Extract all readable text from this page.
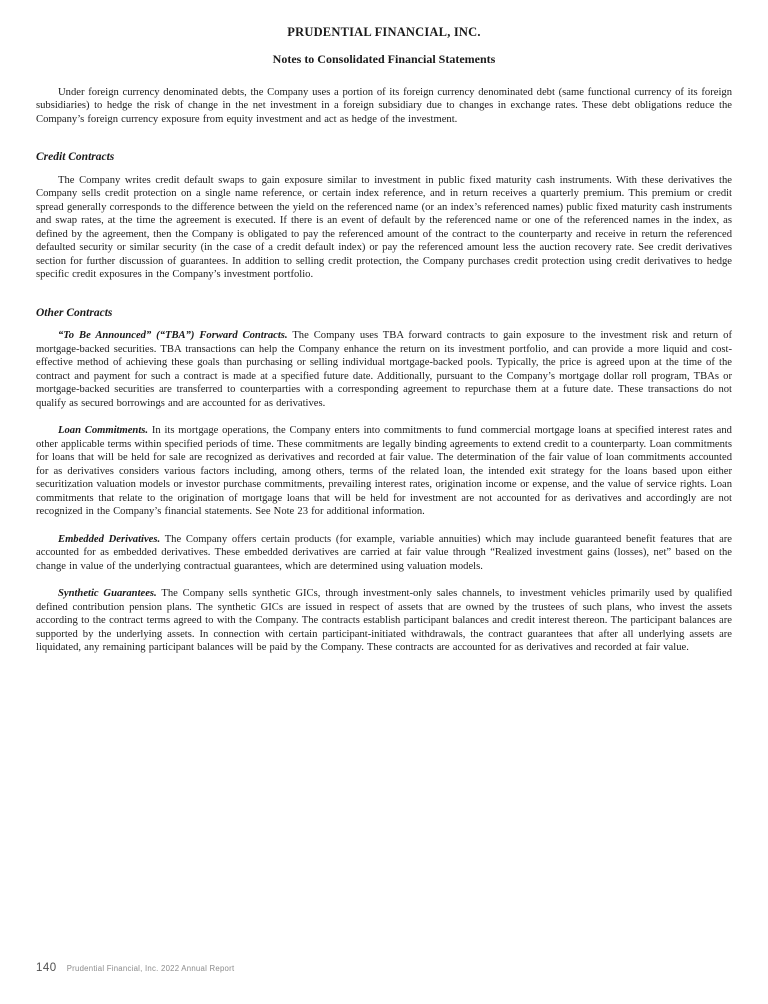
PRUDENTIAL FINANCIAL, INC.
Notes to Consolidated Financial Statements

Under foreign currency denominated debts, the Company uses a portion of its foreign currency denominated debt (same functional currency of its foreign subsidiaries) to hedge the risk of change in the net investment in a foreign subsidiary due to changes in exchange rates. These debt obligations reduce the Company’s foreign currency exposure from equity investment and act as hedge of the investment.

Credit Contracts

The Company writes credit default swaps to gain exposure similar to investment in public fixed maturity cash instruments. With these derivatives the Company sells credit protection on a single name reference, or certain index reference, and in return receives a quarterly premium. This premium or credit spread generally corresponds to the difference between the yield on the referenced name (or an index’s referenced names) public fixed maturity cash instruments and swap rates, at the time the agreement is executed. If there is an event of default by the referenced name or one of the referenced names in the index, as defined by the agreement, then the Company is obligated to pay the referenced amount of the contract to the counterparty and receive in return the referenced defaulted security or similar security (in the case of a credit default index) or pay the referenced amount less the auction recovery rate. See credit derivatives section for further discussion of guarantees. In addition to selling credit protection, the Company purchases credit protection using credit derivatives to hedge specific credit exposures in the Company’s investment portfolio.

Other Contracts

“To Be Announced” (“TBA”) Forward Contracts. The Company uses TBA forward contracts to gain exposure to the investment risk and return of mortgage-backed securities. TBA transactions can help the Company enhance the return on its investment portfolio, and can provide a more liquid and cost-effective method of achieving these goals than purchasing or selling individual mortgage-backed pools. Typically, the price is agreed upon at the time of the contract and payment for such a contract is made at a specified future date. Additionally, pursuant to the Company’s mortgage dollar roll program, TBAs or mortgage-backed securities are transferred to counterparties with a corresponding agreement to repurchase them at a future date. These transactions do not qualify as secured borrowings and are accounted for as derivatives.

Loan Commitments. In its mortgage operations, the Company enters into commitments to fund commercial mortgage loans at specified interest rates and other applicable terms within specified periods of time. These commitments are legally binding agreements to extend credit to a counterparty. Loan commitments for loans that will be held for sale are recognized as derivatives and recorded at fair value. The determination of the fair value of loan commitments accounted for as derivatives considers various factors including, among others, terms of the related loan, the intended exit strategy for the loans based upon either securitization valuation models or investor purchase commitments, prevailing interest rates, origination income or expense, and the value of service rights. Loan commitments that relate to the origination of mortgage loans that will be held for investment are not accounted for as derivatives and accordingly are not recognized in the Company’s financial statements. See Note 23 for additional information.

Embedded Derivatives. The Company offers certain products (for example, variable annuities) which may include guaranteed benefit features that are accounted for as embedded derivatives. These embedded derivatives are carried at fair value through “Realized investment gains (losses), net” based on the change in value of the underlying contractual guarantees, which are determined using valuation models.

Synthetic Guarantees. The Company sells synthetic GICs, through investment-only sales channels, to investment vehicles primarily used by qualified defined contribution pension plans. The synthetic GICs are issued in respect of assets that are owned by the trustees of such plans, who invest the assets according to the contract terms agreed to with the Company. The contracts establish participant balances and credit interest thereon. The participant balances are supported by the underlying assets. In connection with certain participant-initiated withdrawals, the contract guarantees that after all underlying assets are liquidated, any remaining participant balances will be paid by the Company. These contracts are accounted for as derivatives and recorded at fair value.

140 Prudential Financial, Inc. 2022 Annual Report
